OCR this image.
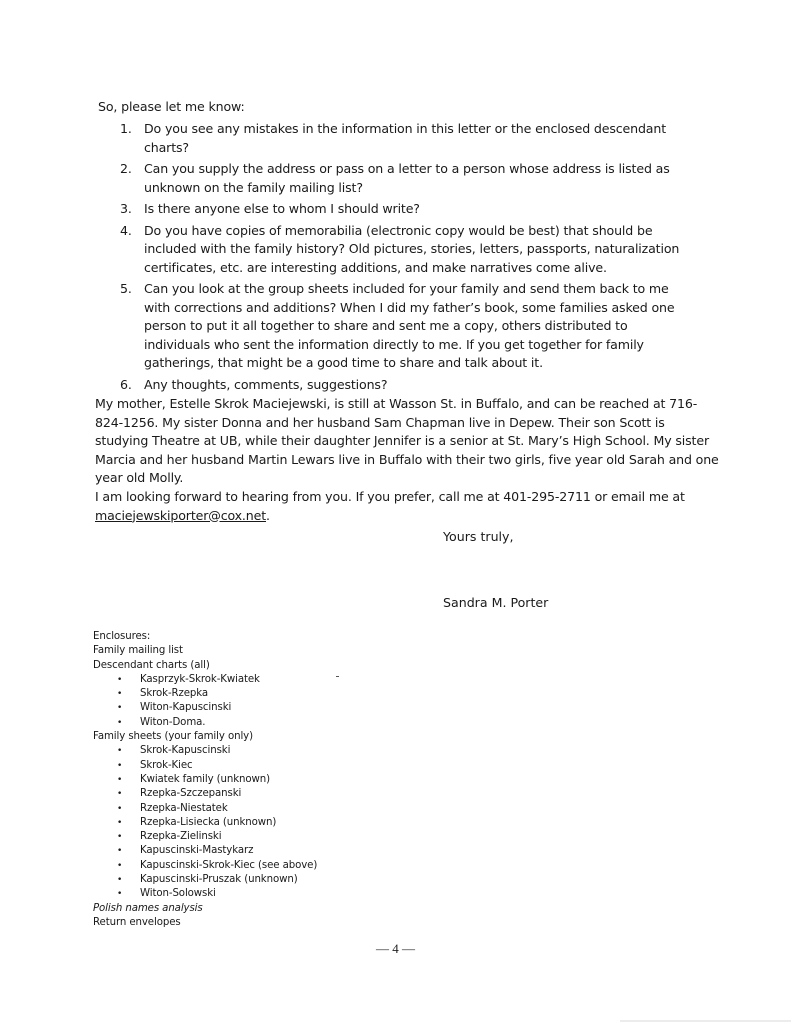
So, please let me know:
1. Do you see any mistakes in the information in this letter or the enclosed descendant charts?
2. Can you supply the address or pass on a letter to a person whose address is listed as unknown on the family mailing list?
3. Is there anyone else to whom I should write?
4. Do you have copies of memorabilia (electronic copy would be best) that should be included with the family history? Old pictures, stories, letters, passports, naturalization certificates, etc. are interesting additions, and make narratives come alive.
5. Can you look at the group sheets included for your family and send them back to me with corrections and additions? When I did my father’s book, some families asked one person to put it all together to share and sent me a copy, others distributed to individuals who sent the information directly to me. If you get together for family gatherings, that might be a good time to share and talk about it.
6. Any thoughts, comments, suggestions?
My mother, Estelle Skrok Maciejewski, is still at Wasson St. in Buffalo, and can be reached at 716-824-1256. My sister Donna and her husband Sam Chapman live in Depew. Their son Scott is studying Theatre at UB, while their daughter Jennifer is a senior at St. Mary’s High School. My sister Marcia and her husband Martin Lewars live in Buffalo with their two girls, five year old Sarah and one year old Molly.
I am looking forward to hearing from you. If you prefer, call me at 401-295-2711 or email me at maciejewskiporter@cox.net.
Yours truly,
Sandra M. Porter
Enclosures:
Family mailing list
Descendant charts (all)
• Kasprzyk-Skrok-Kwiatek
• Skrok-Rzepka
• Witon-Kapuscinski
• Witon-Doma.
Family sheets (your family only)
• Skrok-Kapuscinski
• Skrok-Kiec
• Kwiatek family (unknown)
• Rzepka-Szczepanski
• Rzepka-Niestatek
• Rzepka-Lisiecka (unknown)
• Rzepka-Zielinski
• Kapuscinski-Mastykarz
• Kapuscinski-Skrok-Kiec (see above)
• Kapuscinski-Pruszak (unknown)
• Witon-Solowski
Polish names analysis
Return envelopes
— 4 —
